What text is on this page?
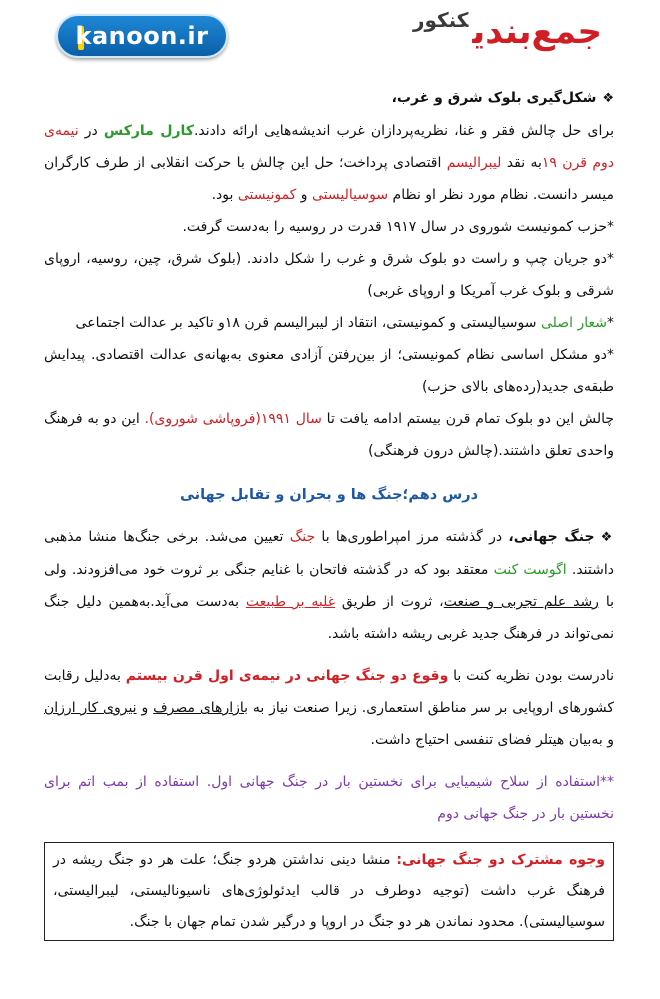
kanoon.ir	جمع‌بندیکنکور

❖شکل‌گیری بلوک شرق و غرب،

برای حل چالش فقر و غنا، نظریه‌پردازان غرب اندیشه‌هایی ارائه دادند.کارل مارکس در نیمه‌ی دوم قرن ۱۹به نقد لیبرالیسم اقتصادی پرداخت؛ حل این چالش با حرکت انقلابی از طرف کارگران میسر دانست. نظام مورد نظر او نظام سوسیالیستی و کمونیستی بود.

*حزب کمونیست شوروی در سال ۱۹۱۷ قدرت در روسیه را به‌دست گرفت.

*دو جریان چپ و راست دو بلوک شرق و غرب را شکل دادند. (بلوک شرق، چین، روسیه، اروپای شرقی و بلوک غرب آمریکا و اروپای غربی)

*شعار اصلی سوسیالیستی و کمونیستی، انتقاد از لیبرالیسم قرن ۱۸و تاکید بر عدالت اجتماعی

*دو مشکل اساسی نظام کمونیستی؛ از بین‌رفتن آزادی معنوی به‌بهانه‌ی عدالت اقتصادی. پیدایش طبقه‌ی جدید(رده‌های بالای حزب)

چالش این دو بلوک تمام قرن بیستم ادامه یافت تا سال ۱۹۹۱(فروپاشی شوروی). این دو به فرهنگ واحدی تعلق داشتند.(چالش درون فرهنگی)

درس دهم؛جنگ ها و بحران و تقابل جهانی

❖جنگ جهانی، در گذشته مرز امپراطوری‌ها با جنگ تعیین می‌شد. برخی جنگ‌ها منشا مذهبی داشتند. اگوست کنت معتقد بود که در گذشته فاتحان با غنایم جنگی بر ثروت خود می‌افزودند. ولی با رشد علم تجربی و صنعت، ثروت از طریق غلبه بر طبیعت به‌دست می‌آید.به‌همین دلیل جنگ نمی‌تواند در فرهنگ جدید غربی ریشه داشته باشد.

نادرست بودن نظریه کنت با وقوع دو جنگ جهانی در نیمه‌ی اول قرن بیستم به‌دلیل رقابت کشورهای اروپایی بر سر مناطق استعماری. زیرا صنعت نیاز به بازارهای مصرف و نیروی کار ارزان و به‌بیان هیتلر فضای تنفسی احتیاج داشت.

**استفاده از سلاح شیمیایی برای نخستین بار در جنگ جهانی اول. استفاده از بمب اتم برای نخستین بار در جنگ جهانی دوم

وجوه مشترک دو جنگ جهانی: منشا دینی نداشتن هردو جنگ؛ علت هر دو جنگ ریشه در فرهنگ غرب داشت (توجیه دوطرف در قالب ایدئولوژی‌های ناسیونالیستی، لیبرالیستی، سوسیالیستی). محدود نماندن هر دو جنگ در اروپا و درگیر شدن تمام جهان با جنگ.
